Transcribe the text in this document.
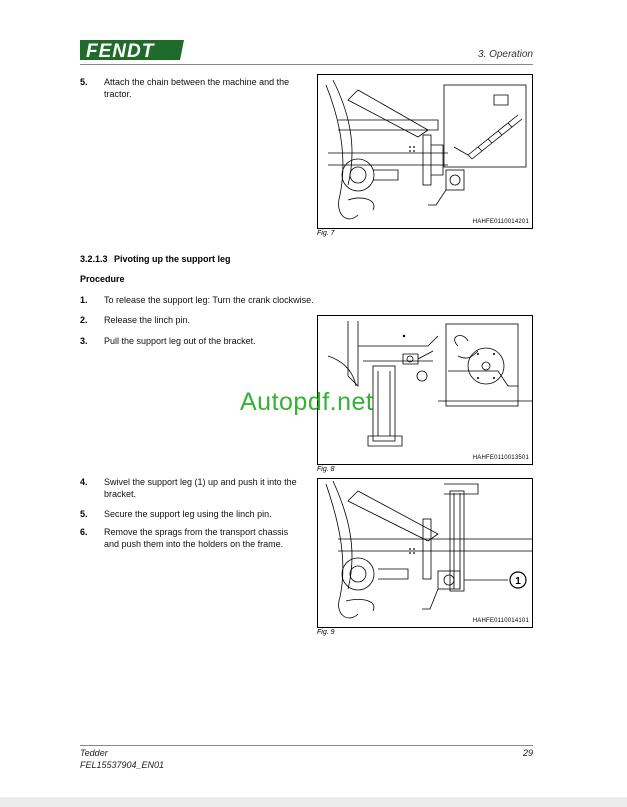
FENDT	3. Operation
5.	Attach the chain between the machine and the tractor.
HAHFE0110014201
Fig. 7
3.2.1.3 Pivoting up the support leg
Procedure
1.	To release the support leg: Turn the crank clockwise.
2.	Release the linch pin.
3.	Pull the support leg out of the bracket.
HAHFE0110013501
Fig. 8
Autopdf.net
4.	Swivel the support leg (1) up and push it into the bracket.
5.	Secure the support leg using the linch pin.
6.	Remove the sprags from the transport chassis and push them into the holders on the frame.
1
HAHFE0110014101
Fig. 9
Tedder
FEL15537904_EN01
29
